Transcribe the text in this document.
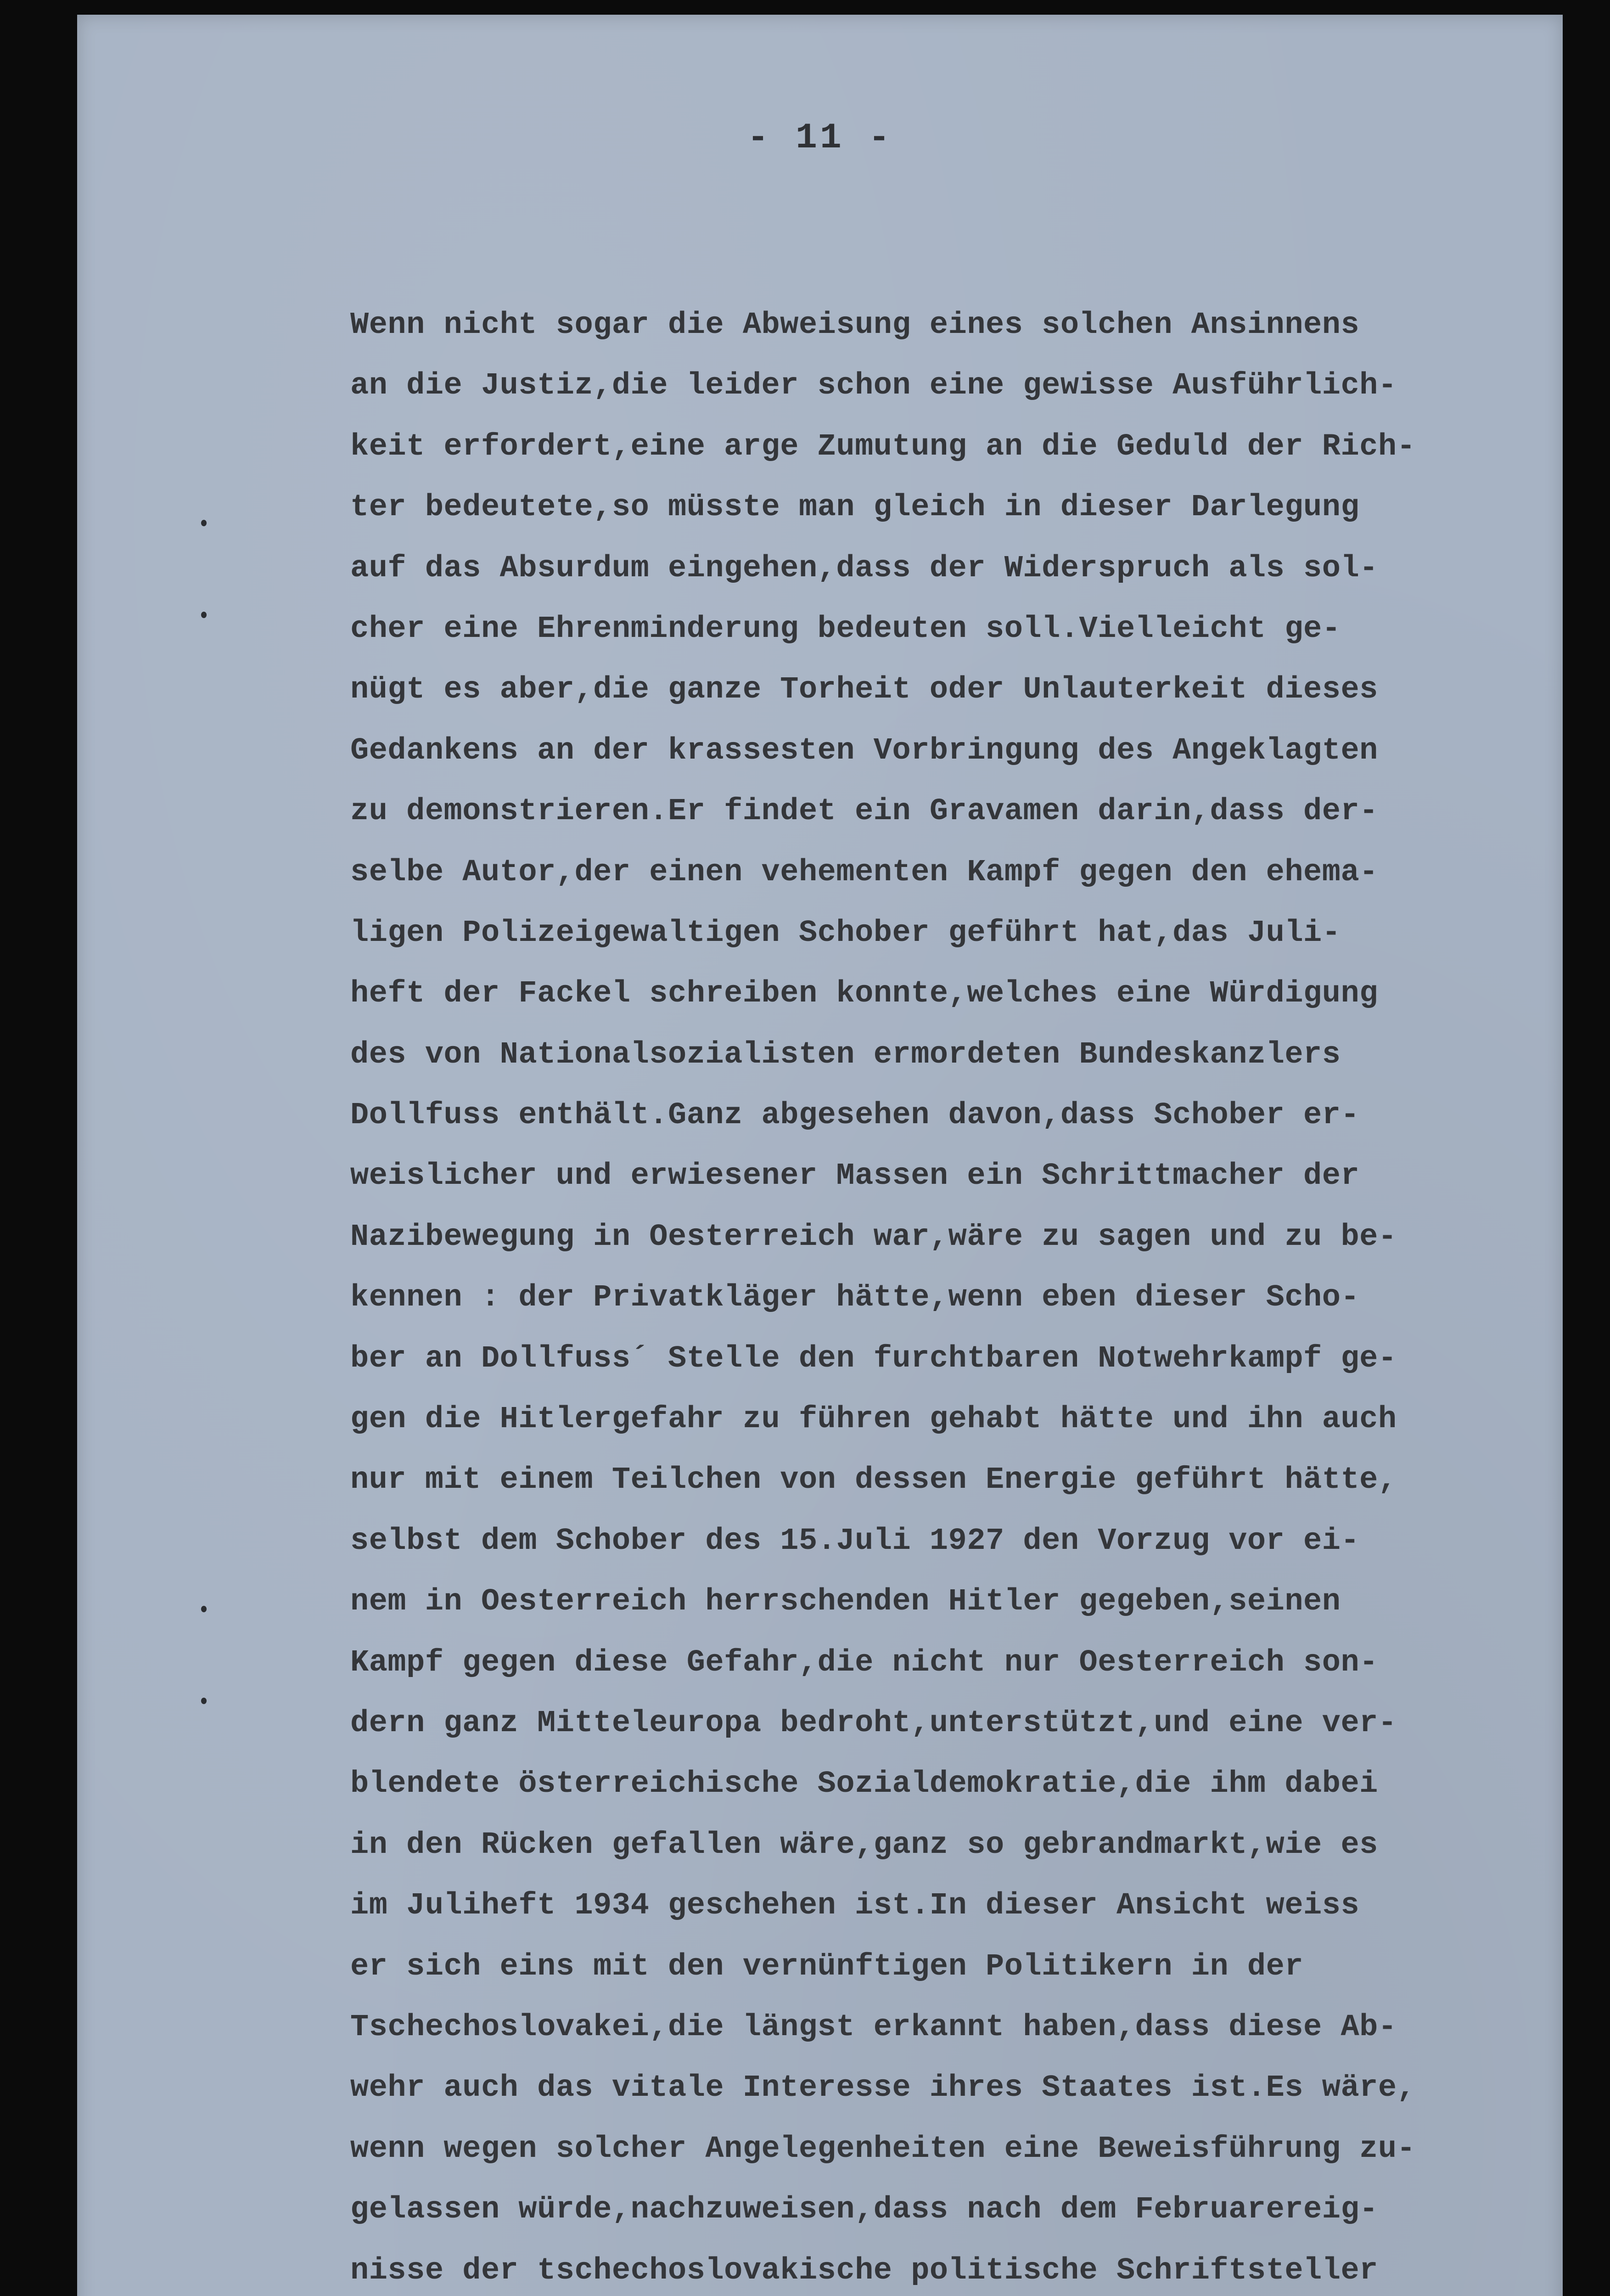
- 11 -
Wenn nicht sogar die Abweisung eines solchen Ansinnens
an die Justiz,die leider schon eine gewisse Ausführlich-
keit erfordert,eine arge Zumutung an die Geduld der Rich-
ter bedeutete,so müsste man gleich in dieser Darlegung
auf das Absurdum eingehen,dass der Widerspruch als sol-
cher eine Ehrenminderung bedeuten soll.Vielleicht ge-
nügt es aber,die ganze Torheit oder Unlauterkeit dieses
Gedankens an der krassesten Vorbringung des Angeklagten
zu demonstrieren.Er findet ein Gravamen darin,dass der-
selbe Autor,der einen vehementen Kampf gegen den ehema-
ligen Polizeigewaltigen Schober geführt hat,das Juli-
heft der Fackel schreiben konnte,welches eine Würdigung
des von Nationalsozialisten ermordeten Bundeskanzlers
Dollfuss enthält.Ganz abgesehen davon,dass Schober er-
weislicher und erwiesener Massen ein Schrittmacher der
Nazibewegung in Oesterreich war,wäre zu sagen und zu be-
kennen : der Privatkläger hätte,wenn eben dieser Scho-
ber an Dollfuss´ Stelle den furchtbaren Notwehrkampf ge-
gen die Hitlergefahr zu führen gehabt hätte und ihn auch
nur mit einem Teilchen von dessen Energie geführt hätte,
selbst dem Schober des 15.Juli 1927 den Vorzug vor ei-
nem in Oesterreich herrschenden Hitler gegeben,seinen
Kampf gegen diese Gefahr,die nicht nur Oesterreich son-
dern ganz Mitteleuropa bedroht,unterstützt,und eine ver-
blendete österreichische Sozialdemokratie,die ihm dabei
in den Rücken gefallen wäre,ganz so gebrandmarkt,wie es
im Juliheft 1934 geschehen ist.In dieser Ansicht weiss
er sich eins mit den vernünftigen Politikern in der
Tschechoslovakei,die längst erkannt haben,dass diese Ab-
wehr auch das vitale Interesse ihres Staates ist.Es wäre,
wenn wegen solcher Angelegenheiten eine Beweisführung zu-
gelassen würde,nachzuweisen,dass nach dem Februarereig-
nisse der tschechoslovakische politische Schriftsteller
